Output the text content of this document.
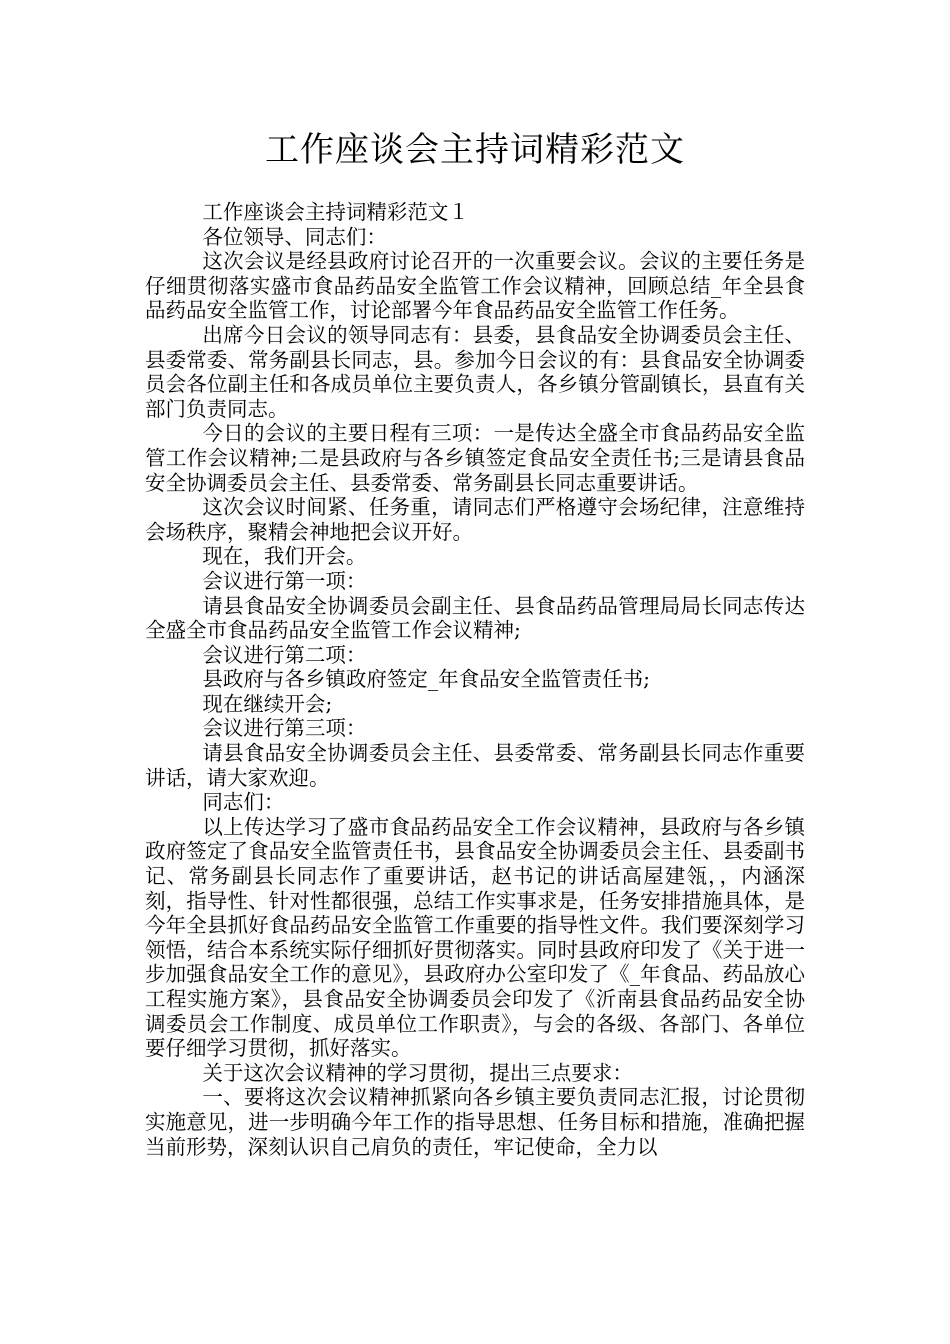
工作座谈会主持词精彩范文

工作座谈会主持词精彩范文１

各位领导、同志们：

这次会议是经县政府讨论召开的一次重要会议。会议的主要任务是仔细贯彻落实盛市食品药品安全监管工作会议精神，回顾总结_年全县食品药品安全监管工作，讨论部署今年食品药品安全监管工作任务。

出席今日会议的领导同志有：县委，县食品安全协调委员会主任、县委常委、常务副县长同志，县。参加今日会议的有：县食品安全协调委员会各位副主任和各成员单位主要负责人，各乡镇分管副镇长，县直有关部门负责同志。

今日的会议的主要日程有三项：一是传达全盛全市食品药品安全监管工作会议精神;二是县政府与各乡镇签定食品安全责任书;三是请县食品安全协调委员会主任、县委常委、常务副县长同志重要讲话。

这次会议时间紧、任务重，请同志们严格遵守会场纪律，注意维持会场秩序，聚精会神地把会议开好。

现在，我们开会。

会议进行第一项：

请县食品安全协调委员会副主任、县食品药品管理局局长同志传达全盛全市食品药品安全监管工作会议精神;

会议进行第二项：

县政府与各乡镇政府签定_年食品安全监管责任书;

现在继续开会;

会议进行第三项：

请县食品安全协调委员会主任、县委常委、常务副县长同志作重要讲话，请大家欢迎。

同志们：

以上传达学习了盛市食品药品安全工作会议精神，县政府与各乡镇政府签定了食品安全监管责任书，县食品安全协调委员会主任、县委副书记、常务副县长同志作了重要讲话，赵书记的讲话高屋建瓴，，内涵深刻，指导性、针对性都很强，总结工作实事求是，任务安排措施具体，是今年全县抓好食品药品安全监管工作重要的指导性文件。我们要深刻学习领悟，结合本系统实际仔细抓好贯彻落实。同时县政府印发了《关于进一步加强食品安全工作的意见》，县政府办公室印发了《_年食品、药品放心工程实施方案》，县食品安全协调委员会印发了《沂南县食品药品安全协调委员会工作制度、成员单位工作职责》，与会的各级、各部门、各单位要仔细学习贯彻，抓好落实。

关于这次会议精神的学习贯彻，提出三点要求：

一、要将这次会议精神抓紧向各乡镇主要负责同志汇报，讨论贯彻实施意见，进一步明确今年工作的指导思想、任务目标和措施，准确把握当前形势，深刻认识自己肩负的责任，牢记使命，全力以
